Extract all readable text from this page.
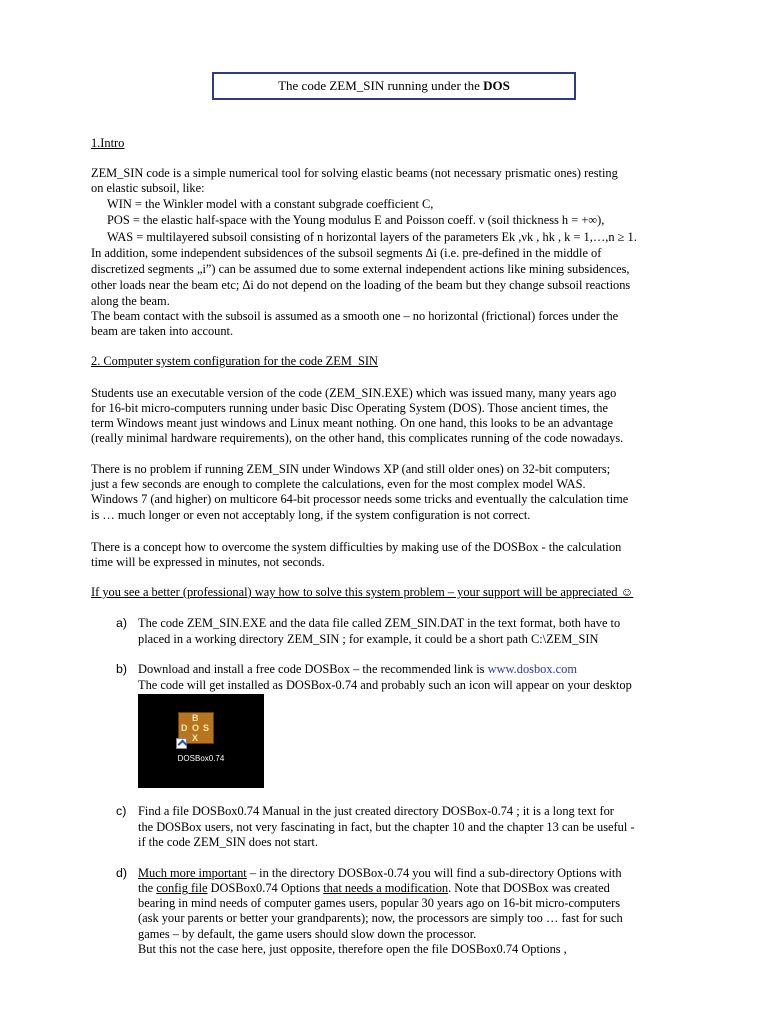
The code ZEM_SIN running under the DOS
1.Intro
ZEM_SIN code is a simple numerical tool for solving elastic beams (not necessary prismatic ones) resting
on elastic subsoil, like:
WIN = the Winkler model with a constant subgrade coefficient C,
POS = the elastic half-space with the Young modulus E and Poisson coeff. ν (soil thickness h = +∞),
WAS = multilayered subsoil consisting of n horizontal layers of the parameters Ek ,νk , hk , k = 1,…,n ≥ 1.
In addition, some independent subsidences of the subsoil segments Δi (i.e. pre-defined in the middle of
discretized segments „i”) can be assumed due to some external independent actions like mining subsidences,
other loads near the beam etc; Δi do not depend on the loading of the beam but they change subsoil reactions
along the beam.
The beam contact with the subsoil is assumed as a smooth one – no horizontal (frictional) forces under the
beam are taken into account.
2. Computer system configuration for the code ZEM_SIN
Students use an executable version of the code (ZEM_SIN.EXE) which was issued many, many years ago
for 16-bit micro-computers running under basic Disc Operating System (DOS). Those ancient times, the
term Windows meant just windows and Linux meant nothing. On one hand, this looks to be an advantage
(really minimal hardware requirements), on the other hand, this complicates running of the code nowadays.
There is no problem if running ZEM_SIN under Windows XP (and still older ones) on 32-bit computers;
just a few seconds are enough to complete the calculations, even for the most complex model WAS.
Windows 7 (and higher) on multicore 64-bit processor needs some tricks and eventually the calculation time
is … much longer or even not acceptably long, if the system configuration is not correct.
There is a concept how to overcome the system difficulties by making use of the DOSBox - the calculation
time will be expressed in minutes, not seconds.
If you see a better (professional) way how to solve this system problem – your support will be appreciated ☺
a) The code ZEM_SIN.EXE and the data file called ZEM_SIN.DAT in the text format, both have to
placed in a working directory ZEM_SIN ; for example, it could be a short path C:\ZEM_SIN
b) Download and install a free code DOSBox – the recommended link is www.dosbox.com
The code will get installed as DOSBox-0.74 and probably such an icon will appear on your desktop
B
D O S
X
DOSBox0.74
c) Find a file DOSBox0.74 Manual in the just created directory DOSBox-0.74 ; it is a long text for
the DOSBox users, not very fascinating in fact, but the chapter 10 and the chapter 13 can be useful -
if the code ZEM_SIN does not start.
d) Much more important – in the directory DOSBox-0.74 you will find a sub-directory Options with
the config file DOSBox0.74 Options that needs a modification. Note that DOSBox was created
bearing in mind needs of computer games users, popular 30 years ago on 16-bit micro-computers
(ask your parents or better your grandparents); now, the processors are simply too … fast for such
games – by default, the game users should slow down the processor.
But this not the case here, just opposite, therefore open the file DOSBox0.74 Options ,
